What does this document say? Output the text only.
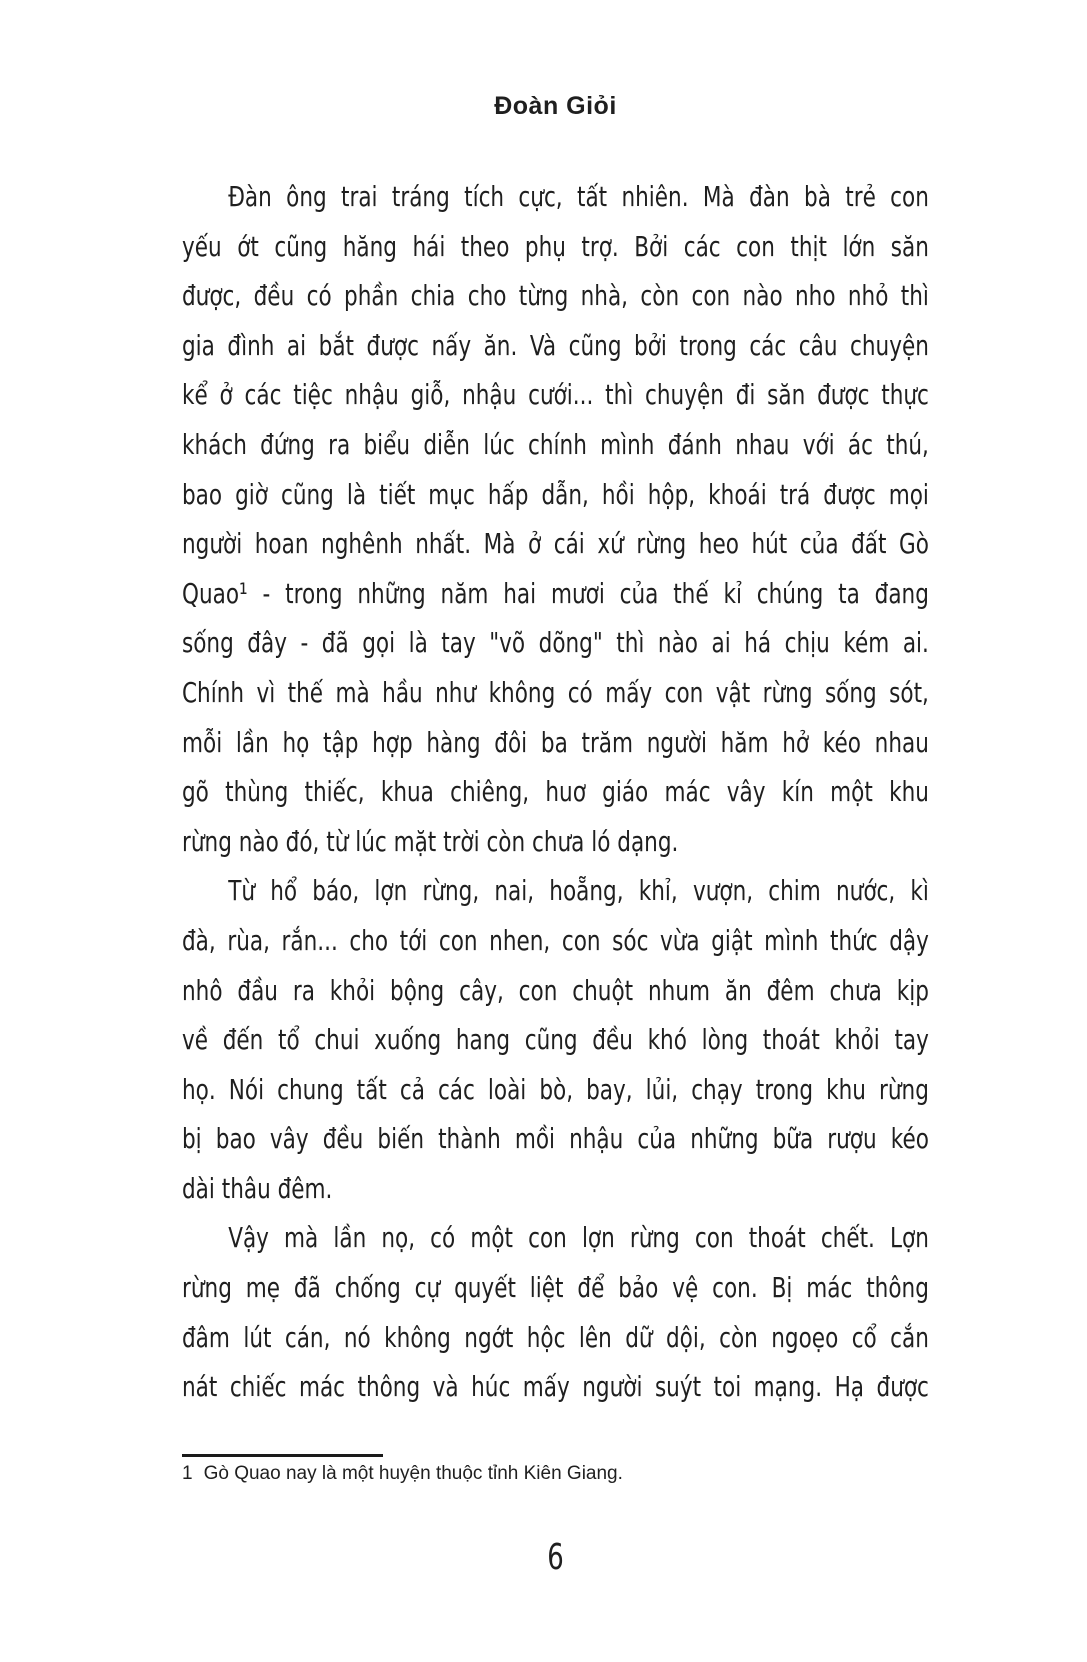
Đoàn Giỏi
Đàn ông trai tráng tích cực, tất nhiên. Mà đàn bà trẻ con
yếu ớt cũng hăng hái theo phụ trợ. Bởi các con thịt lớn săn
được, đều có phần chia cho từng nhà, còn con nào nho nhỏ thì
gia đình ai bắt được nấy ăn. Và cũng bởi trong các câu chuyện
kể ở các tiệc nhậu giỗ, nhậu cưới... thì chuyện đi săn được thực
khách đứng ra biểu diễn lúc chính mình đánh nhau với ác thú,
bao giờ cũng là tiết mục hấp dẫn, hồi hộp, khoái trá được mọi
người hoan nghênh nhất. Mà ở cái xứ rừng heo hút của đất Gò
Quao¹ - trong những năm hai mươi của thế kỉ chúng ta đang
sống đây - đã gọi là tay "võ dõng" thì nào ai há chịu kém ai.
Chính vì thế mà hầu như không có mấy con vật rừng sống sót,
mỗi lần họ tập hợp hàng đôi ba trăm người hăm hở kéo nhau
gõ thùng thiếc, khua chiêng, huơ giáo mác vây kín một khu
rừng nào đó, từ lúc mặt trời còn chưa ló dạng.
Từ hổ báo, lợn rừng, nai, hoẵng, khỉ, vượn, chim nước, kì
đà, rùa, rắn... cho tới con nhen, con sóc vừa giật mình thức dậy
nhô đầu ra khỏi bộng cây, con chuột nhum ăn đêm chưa kịp
về đến tổ chui xuống hang cũng đều khó lòng thoát khỏi tay
họ. Nói chung tất cả các loài bò, bay, lủi, chạy trong khu rừng
bị bao vây đều biến thành mồi nhậu của những bữa rượu kéo
dài thâu đêm.
Vậy mà lần nọ, có một con lợn rừng con thoát chết. Lợn
rừng mẹ đã chống cự quyết liệt để bảo vệ con. Bị mác thông
đâm lút cán, nó không ngớt hộc lên dữ dội, còn ngoẹo cổ cắn
nát chiếc mác thông và húc mấy người suýt toi mạng. Hạ được
1 Gò Quao nay là một huyện thuộc tỉnh Kiên Giang.
6
